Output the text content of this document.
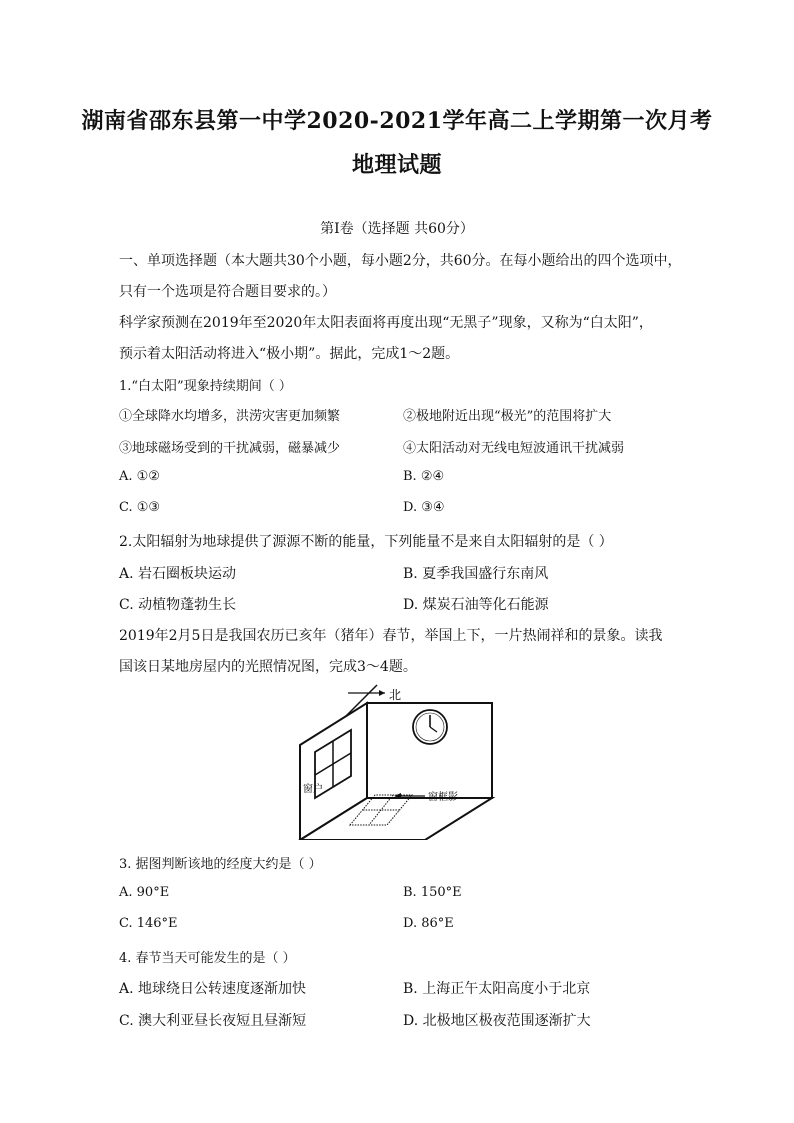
湖南省邵东县第一中学2020-2021学年高二上学期第一次月考
地理试题
第Ⅰ卷（选择题 共60分）
一、单项选择题（本大题共30个小题，每小题2分，共60分。在每小题给出的四个选项中，
只有一个选项是符合题目要求的。）
科学家预测在2019年至2020年太阳表面将再度出现“无黑子”现象，又称为“白太阳”，
预示着太阳活动将进入“极小期”。据此，完成1～2题。
1.“白太阳”现象持续期间（ ）
①全球降水均增多，洪涝灾害更加频繁	②极地附近出现“极光”的范围将扩大
③地球磁场受到的干扰减弱，磁暴减少	④太阳活动对无线电短波通讯干扰减弱
A. ①②	B. ②④
C. ①③	D. ③④
2.太阳辐射为地球提供了源源不断的能量，下列能量不是来自太阳辐射的是（ ）
A. 岩石圈板块运动	B. 夏季我国盛行东南风
C. 动植物蓬勃生长	D. 煤炭石油等化石能源
2019年2月5日是我国农历已亥年（猪年）春节，举国上下，一片热闹祥和的景象。读我
国该日某地房屋内的光照情况图，完成3～4题。
北
窗户
窗框影
3. 据图判断该地的经度大约是（ ）
A. 90°E	B. 150°E
C. 146°E	D. 86°E
4. 春节当天可能发生的是（ ）
A. 地球绕日公转速度逐渐加快	B. 上海正午太阳高度小于北京
C. 澳大利亚昼长夜短且昼渐短	D. 北极地区极夜范围逐渐扩大
